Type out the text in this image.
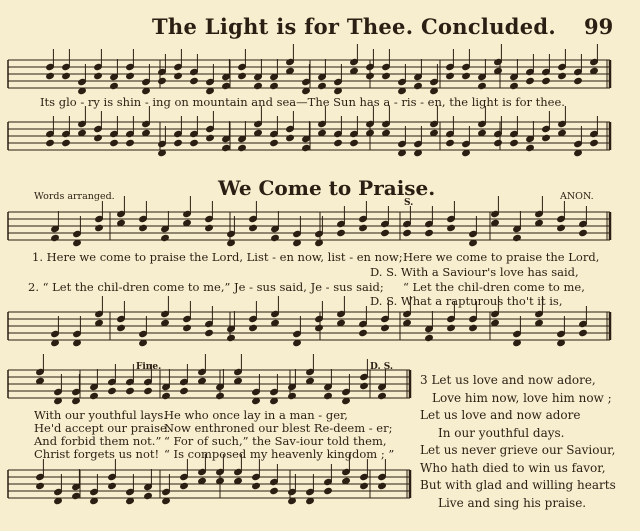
The Light is for Thee. Concluded. 99
Its glo - ry is shin - ing on mountain and sea—The Sun has a - ris - en, the light is for thee.
We Come to Praise.
Words arranged.	ANON.
S.
1. Here we come to praise the Lord, List - en now, list - en now; Here we come to praise the Lord,
D. S. With a Saviour's love has said,
2. “ Let the chil-dren come to me,” Je - sus said, Je - sus said; “ Let the chil-dren come to me,
D. S. What a rapturous tho't it is,
Fine.	D. S.
With our youthful lays.
He'd accept our praise.
And forbid them not.”
Christ forgets us not!
He who once lay in a man - ger,
Now enthroned our blest Re-deem - er;
“ For of such,” the Sav-iour told them,
“ Is composed my heavenly kingdom ; ”
3 Let us love and now adore,
Love him now, love him now ;
Let us love and now adore
In our youthful days.
Let us never grieve our Saviour,
Who hath died to win us favor,
But with glad and willing hearts
Live and sing his praise.
